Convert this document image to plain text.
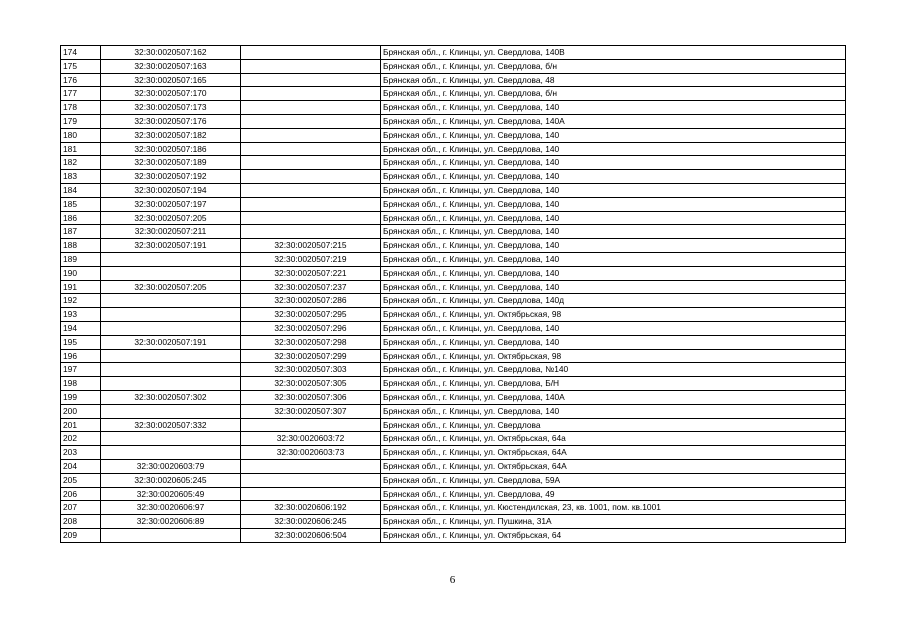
174	32:30:0020507:162		Брянская обл., г. Клинцы, ул. Свердлова, 140В
175	32:30:0020507:163		Брянская обл., г. Клинцы, ул. Свердлова, б/н
176	32:30:0020507:165		Брянская обл., г. Клинцы, ул. Свердлова, 48
177	32:30:0020507:170		Брянская обл., г. Клинцы, ул. Свердлова, б/н
178	32:30:0020507:173		Брянская обл., г. Клинцы, ул. Свердлова, 140
179	32:30:0020507:176		Брянская обл., г. Клинцы, ул. Свердлова, 140А
180	32:30:0020507:182		Брянская обл., г. Клинцы, ул. Свердлова, 140
181	32:30:0020507:186		Брянская обл., г. Клинцы, ул. Свердлова, 140
182	32:30:0020507:189		Брянская обл., г. Клинцы, ул. Свердлова, 140
183	32:30:0020507:192		Брянская обл., г. Клинцы, ул. Свердлова, 140
184	32:30:0020507:194		Брянская обл., г. Клинцы, ул. Свердлова, 140
185	32:30:0020507:197		Брянская обл., г. Клинцы, ул. Свердлова, 140
186	32:30:0020507:205		Брянская обл., г. Клинцы, ул. Свердлова, 140
187	32:30:0020507:211		Брянская обл., г. Клинцы, ул. Свердлова, 140
188	32:30:0020507:191	32:30:0020507:215	Брянская обл., г. Клинцы, ул. Свердлова, 140
189		32:30:0020507:219	Брянская обл., г. Клинцы, ул. Свердлова, 140
190		32:30:0020507:221	Брянская обл., г. Клинцы, ул. Свердлова, 140
191	32:30:0020507:205	32:30:0020507:237	Брянская обл., г. Клинцы, ул. Свердлова, 140
192		32:30:0020507:286	Брянская обл., г. Клинцы, ул. Свердлова, 140д
193		32:30:0020507:295	Брянская обл., г. Клинцы, ул. Октябрьская, 98
194		32:30:0020507:296	Брянская обл., г. Клинцы, ул. Свердлова, 140
195	32:30:0020507:191	32:30:0020507:298	Брянская обл., г. Клинцы, ул. Свердлова, 140
196		32:30:0020507:299	Брянская обл., г. Клинцы, ул. Октябрьская, 98
197		32:30:0020507:303	Брянская обл., г. Клинцы, ул. Свердлова, №140
198		32:30:0020507:305	Брянская обл., г. Клинцы, ул. Свердлова, Б/Н
199	32:30:0020507:302	32:30:0020507:306	Брянская обл., г. Клинцы, ул. Свердлова, 140А
200		32:30:0020507:307	Брянская обл., г. Клинцы, ул. Свердлова, 140
201	32:30:0020507:332		Брянская обл., г. Клинцы, ул. Свердлова
202		32:30:0020603:72	Брянская обл., г. Клинцы, ул. Октябрьская, 64а
203		32:30:0020603:73	Брянская обл., г. Клинцы, ул. Октябрьская, 64А
204	32:30:0020603:79		Брянская обл., г. Клинцы, ул. Октябрьская, 64А
205	32:30:0020605:245		Брянская обл., г. Клинцы, ул. Свердлова, 59А
206	32:30:0020605:49		Брянская обл., г. Клинцы, ул. Свердлова, 49
207	32:30:0020606:97	32:30:0020606:192	Брянская обл., г. Клинцы, ул. Кюстендилская, 23, кв. 1001, пом. кв.1001
208	32:30:0020606:89	32:30:0020606:245	Брянская обл., г. Клинцы, ул. Пушкина, 31А
209		32:30:0020606:504	Брянская обл., г. Клинцы, ул. Октябрьская, 64
6
